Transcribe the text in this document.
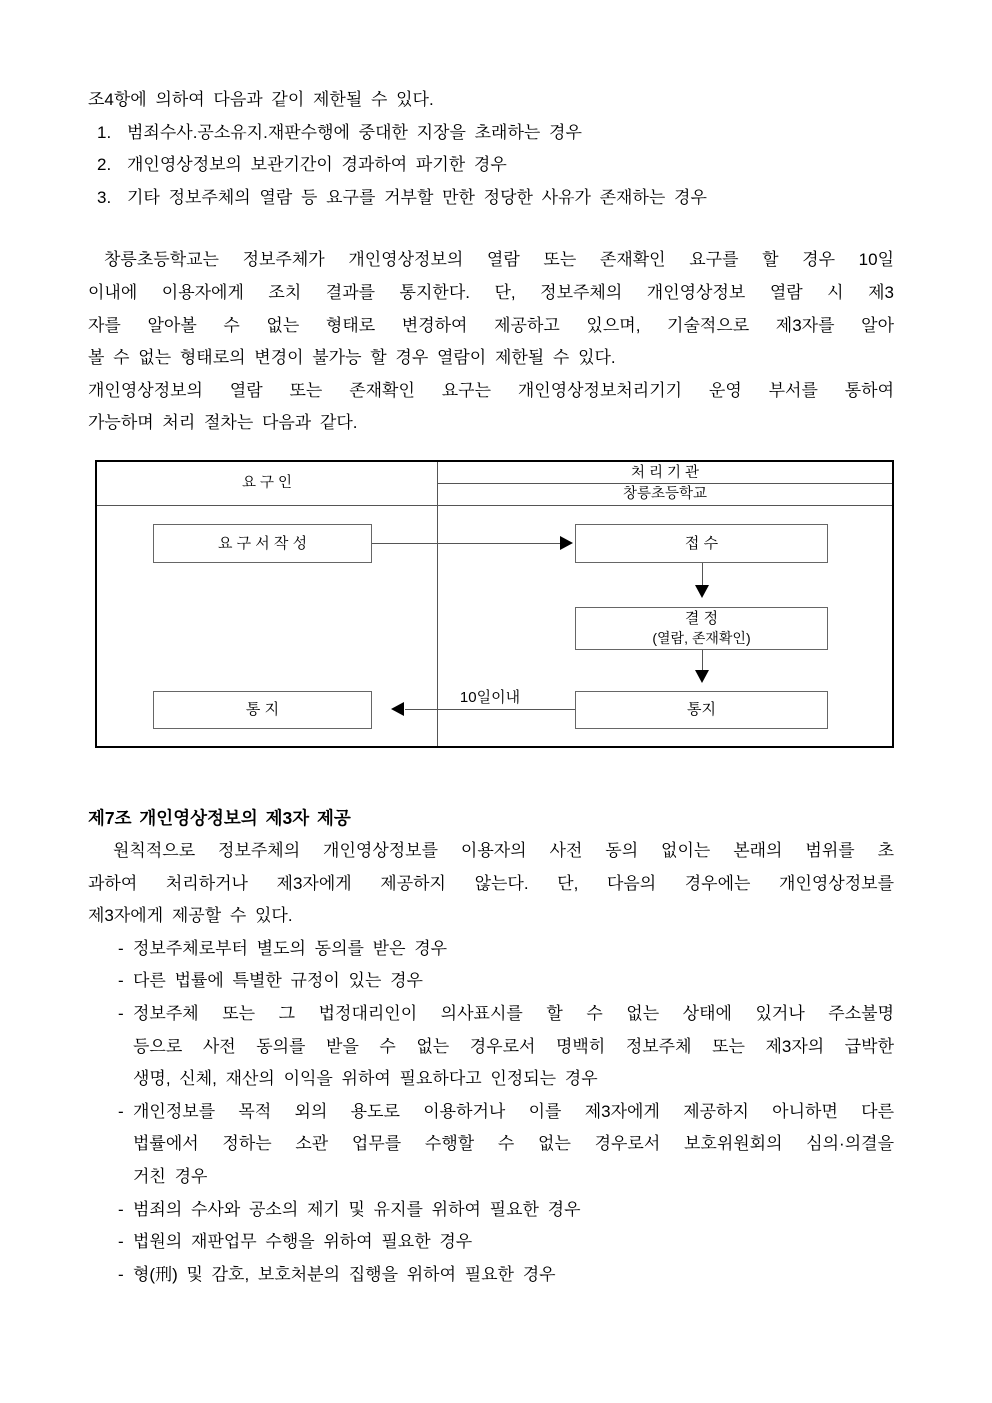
조4항에 의하여 다음과 같이 제한될 수 있다.
1. 범죄수사.공소유지.재판수행에 중대한 지장을 초래하는 경우
2. 개인영상정보의 보관기간이 경과하여 파기한 경우
3. 기타 정보주체의 열람 등 요구를 거부할 만한 정당한 사유가 존재하는 경우
창릉초등학교는 정보주체가 개인영상정보의 열람 또는 존재확인 요구를 할 경우 10일
이내에 이용자에게 조치 결과를 통지한다. 단, 정보주체의 개인영상정보 열람 시 제3
자를 알아볼 수 없는 형태로 변경하여 제공하고 있으며, 기술적으로 제3자를 알아
볼 수 없는 형태로의 변경이 불가능 할 경우 열람이 제한될 수 있다.
개인영상정보의 열람 또는 존재확인 요구는 개인영상정보처리기기 운영 부서를 통하여
가능하며 처리 절차는 다음과 같다.
요 구 인
처 리 기 관
창릉초등학교
요 구 서 작 성	접 수
결 정
(열람, 존재확인)
통지
통 지
10일이내
제7조 개인영상정보의 제3자 제공
원칙적으로 정보주체의 개인영상정보를 이용자의 사전 동의 없이는 본래의 범위를 초
과하여 처리하거나 제3자에게 제공하지 않는다. 단, 다음의 경우에는 개인영상정보를
제3자에게 제공할 수 있다.
- 정보주체로부터 별도의 동의를 받은 경우
- 다른 법률에 특별한 규정이 있는 경우
- 정보주체 또는 그 법정대리인이 의사표시를 할 수 없는 상태에 있거나 주소불명
등으로 사전 동의를 받을 수 없는 경우로서 명백히 정보주체 또는 제3자의 급박한
생명, 신체, 재산의 이익을 위하여 필요하다고 인정되는 경우
- 개인정보를 목적 외의 용도로 이용하거나 이를 제3자에게 제공하지 아니하면 다른
법률에서 정하는 소관 업무를 수행할 수 없는 경우로서 보호위원회의 심의·의결을
거친 경우
- 범죄의 수사와 공소의 제기 및 유지를 위하여 필요한 경우
- 법원의 재판업무 수행을 위하여 필요한 경우
- 형(刑) 및 감호, 보호처분의 집행을 위하여 필요한 경우
